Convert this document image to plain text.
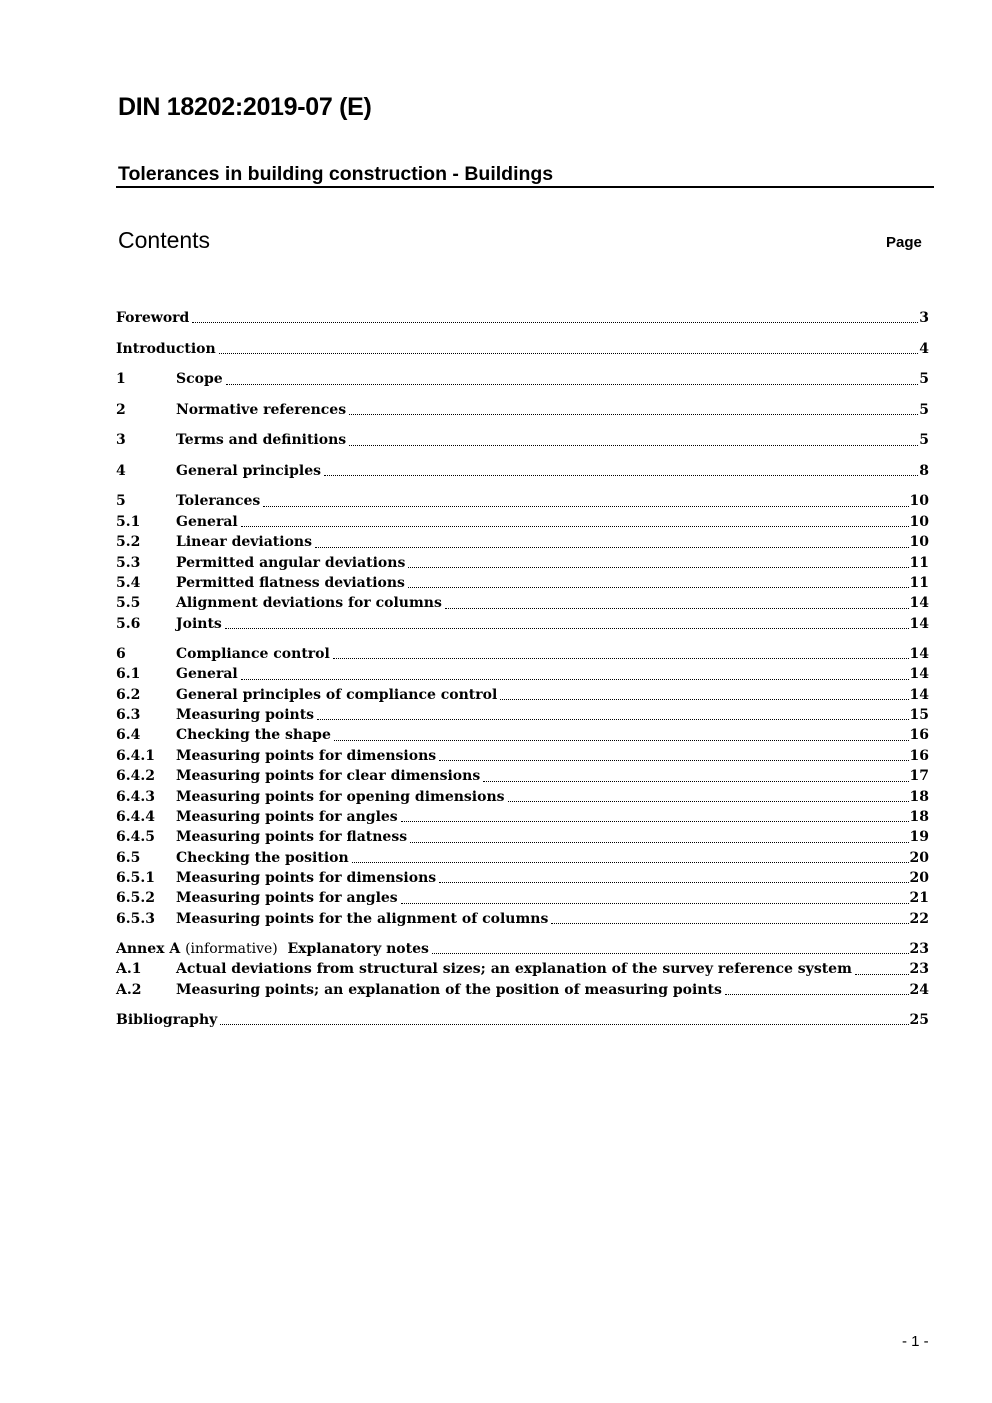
DIN 18202:2019-07 (E)
Tolerances in building construction - Buildings
Contents	Page
Foreword	3
Introduction	4
1	Scope	5
2	Normative references	5
3	Terms and definitions	5
4	General principles	8
5	Tolerances	10
5.1	General	10
5.2	Linear deviations	10
5.3	Permitted angular deviations	11
5.4	Permitted flatness deviations	11
5.5	Alignment deviations for columns	14
5.6	Joints	14
6	Compliance control	14
6.1	General	14
6.2	General principles of compliance control	14
6.3	Measuring points	15
6.4	Checking the shape	16
6.4.1	Measuring points for dimensions	16
6.4.2	Measuring points for clear dimensions	17
6.4.3	Measuring points for opening dimensions	18
6.4.4	Measuring points for angles	18
6.4.5	Measuring points for flatness	19
6.5	Checking the position	20
6.5.1	Measuring points for dimensions	20
6.5.2	Measuring points for angles	21
6.5.3	Measuring points for the alignment of columns	22
Annex A (informative)  Explanatory notes	23
A.1	Actual deviations from structural sizes; an explanation of the survey reference system	23
A.2	Measuring points; an explanation of the position of measuring points	24
Bibliography	25
- 1 -
